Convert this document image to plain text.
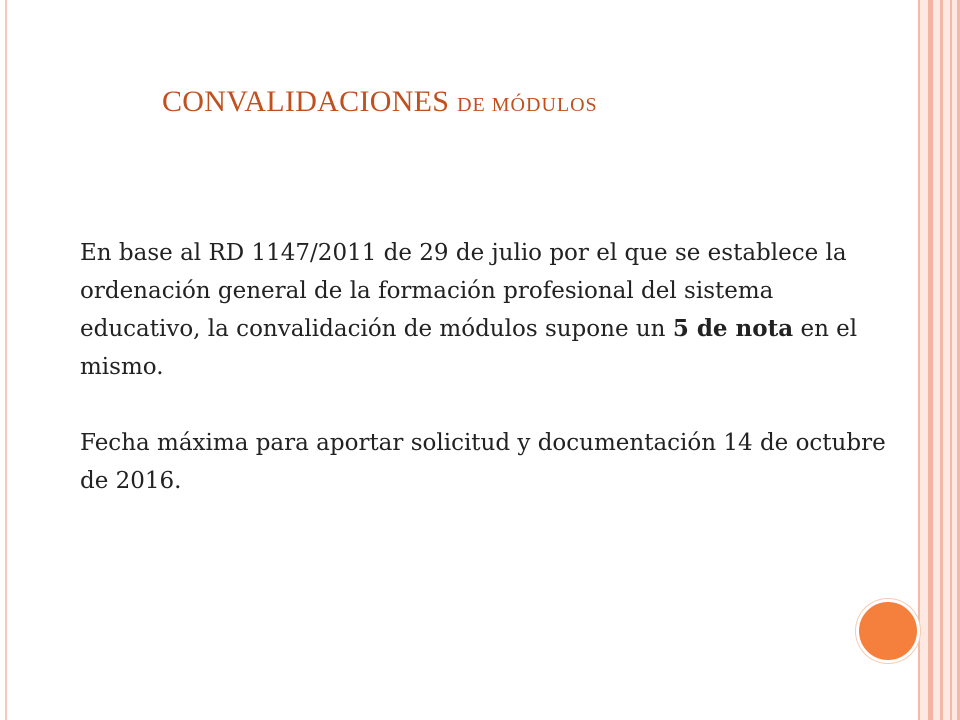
CONVALIDACIONES DE MÓDULOS

En base al RD 1147/2011 de 29 de julio por el que se establece la ordenación general de la formación profesional del sistema educativo, la convalidación de módulos supone un 5 de nota en el mismo.

Fecha máxima para aportar solicitud y documentación 14 de octubre de 2016.
